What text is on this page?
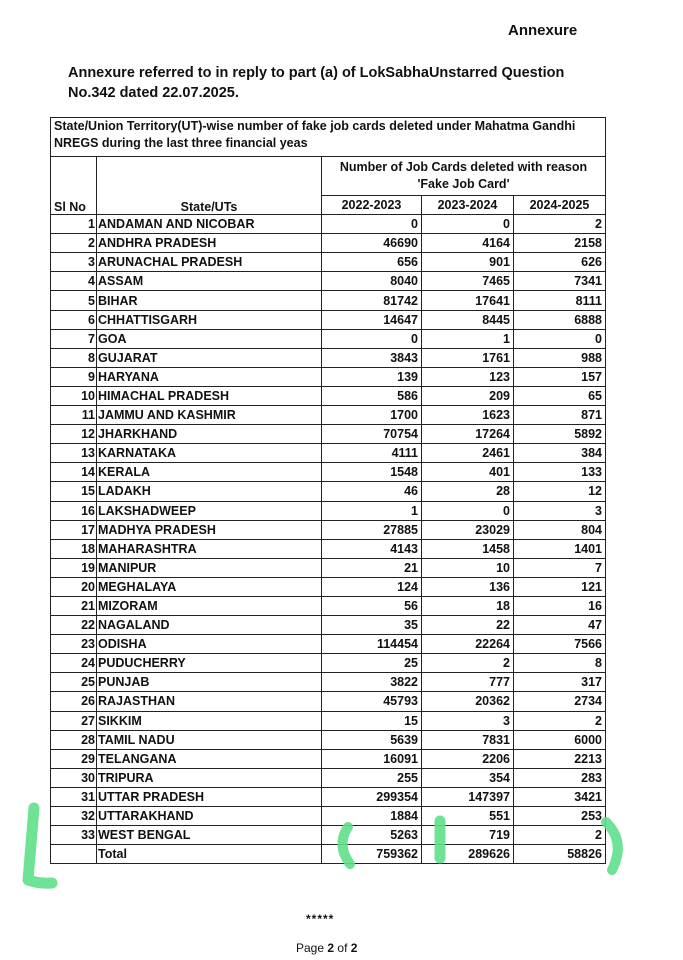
Annexure
Annexure referred to in reply to part (a) of LokSabhaUnstarred Question No.342 dated 22.07.2025.
State/Union Territory(UT)-wise number of fake job cards deleted under Mahatma Gandhi NREGS during the last three financial yeas				
Sl No	State/UTs	Number of Job Cards deleted with reason 'Fake Job Card'		
		2022-2023	2023-2024	2024-2025
1	ANDAMAN AND NICOBAR	0	0	2
2	ANDHRA PRADESH	46690	4164	2158
3	ARUNACHAL PRADESH	656	901	626
4	ASSAM	8040	7465	7341
5	BIHAR	81742	17641	8111
6	CHHATTISGARH	14647	8445	6888
7	GOA	0	1	0
8	GUJARAT	3843	1761	988
9	HARYANA	139	123	157
10	HIMACHAL PRADESH	586	209	65
11	JAMMU AND KASHMIR	1700	1623	871
12	JHARKHAND	70754	17264	5892
13	KARNATAKA	4111	2461	384
14	KERALA	1548	401	133
15	LADAKH	46	28	12
16	LAKSHADWEEP	1	0	3
17	MADHYA PRADESH	27885	23029	804
18	MAHARASHTRA	4143	1458	1401
19	MANIPUR	21	10	7
20	MEGHALAYA	124	136	121
21	MIZORAM	56	18	16
22	NAGALAND	35	22	47
23	ODISHA	114454	22264	7566
24	PUDUCHERRY	25	2	8
25	PUNJAB	3822	777	317
26	RAJASTHAN	45793	20362	2734
27	SIKKIM	15	3	2
28	TAMIL NADU	5639	7831	6000
29	TELANGANA	16091	2206	2213
30	TRIPURA	255	354	283
31	UTTAR PRADESH	299354	147397	3421
32	UTTARAKHAND	1884	551	253
33	WEST BENGAL	5263	719	2
	Total	759362	289626	58826
*****
Page 2 of 2
